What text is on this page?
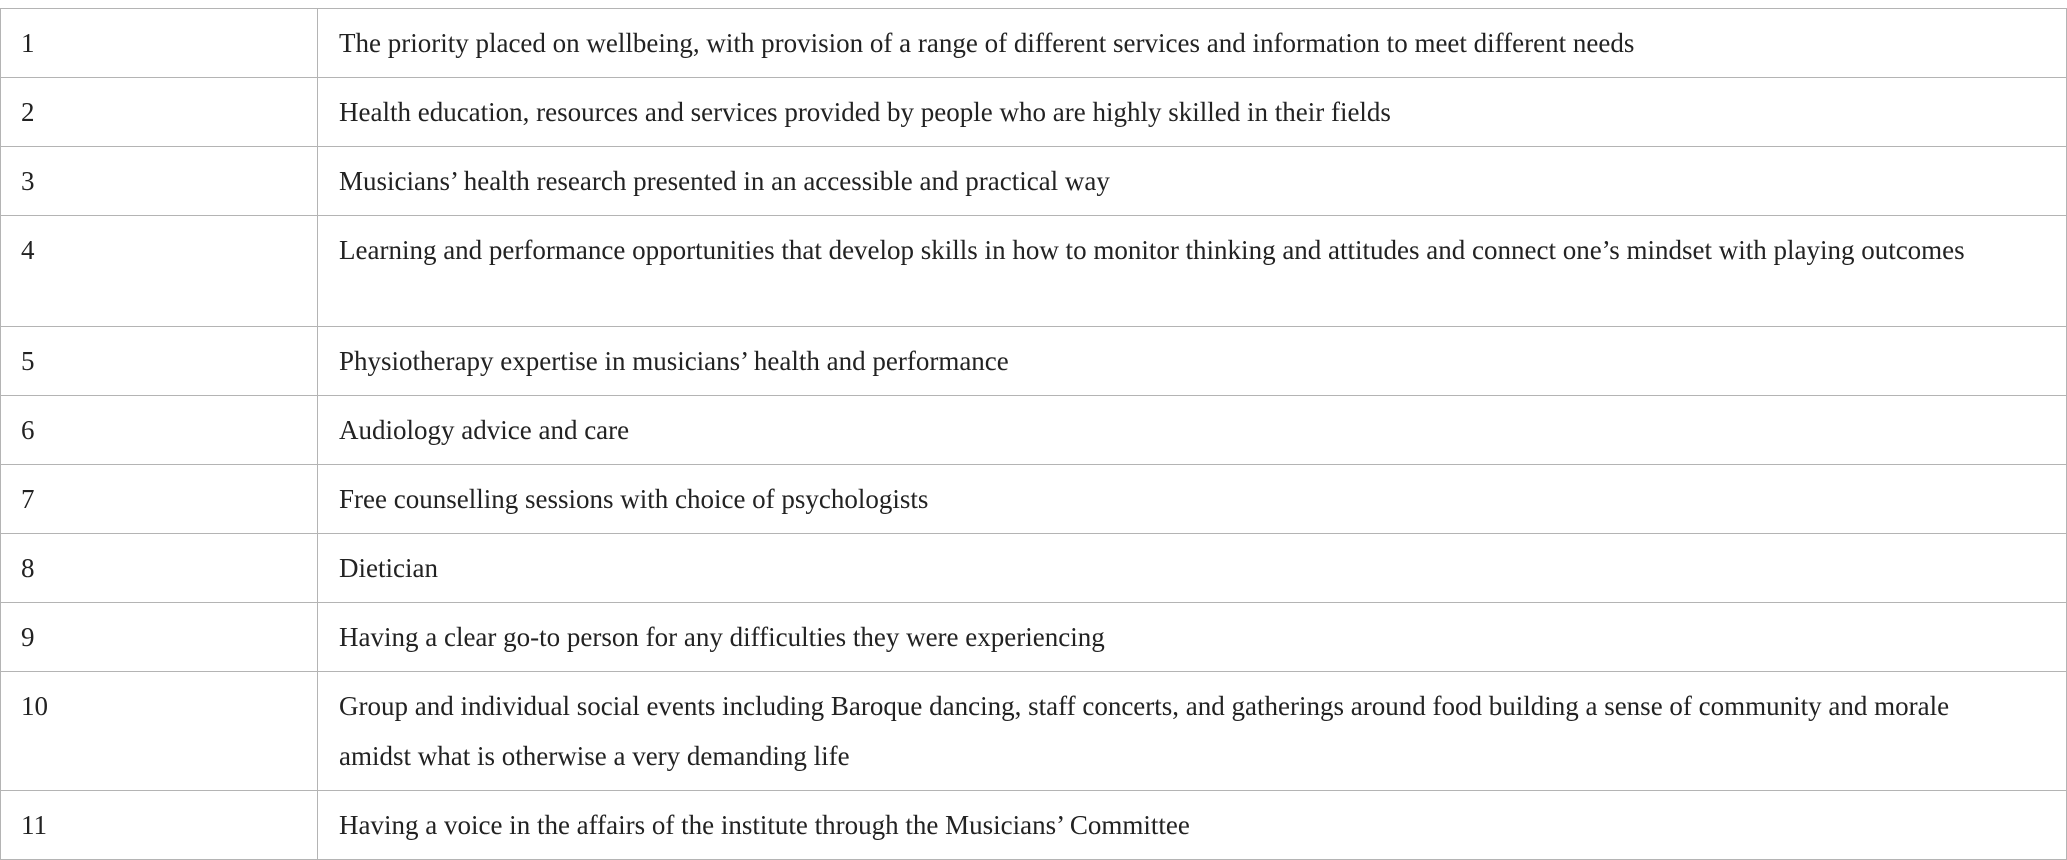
1	The priority placed on wellbeing, with provision of a range of different services and information to meet different needs
2	Health education, resources and services provided by people who are highly skilled in their fields
3	Musicians’ health research presented in an accessible and practical way
4	Learning and performance opportunities that develop skills in how to monitor thinking and attitudes and connect one’s mindset with playing outcomes
5	Physiotherapy expertise in musicians’ health and performance
6	Audiology advice and care
7	Free counselling sessions with choice of psychologists
8	Dietician
9	Having a clear go-to person for any difficulties they were experiencing
10	Group and individual social events including Baroque dancing, staff concerts, and gatherings around food building a sense of community and morale amidst what is otherwise a very demanding life
11	Having a voice in the affairs of the institute through the Musicians’ Committee
